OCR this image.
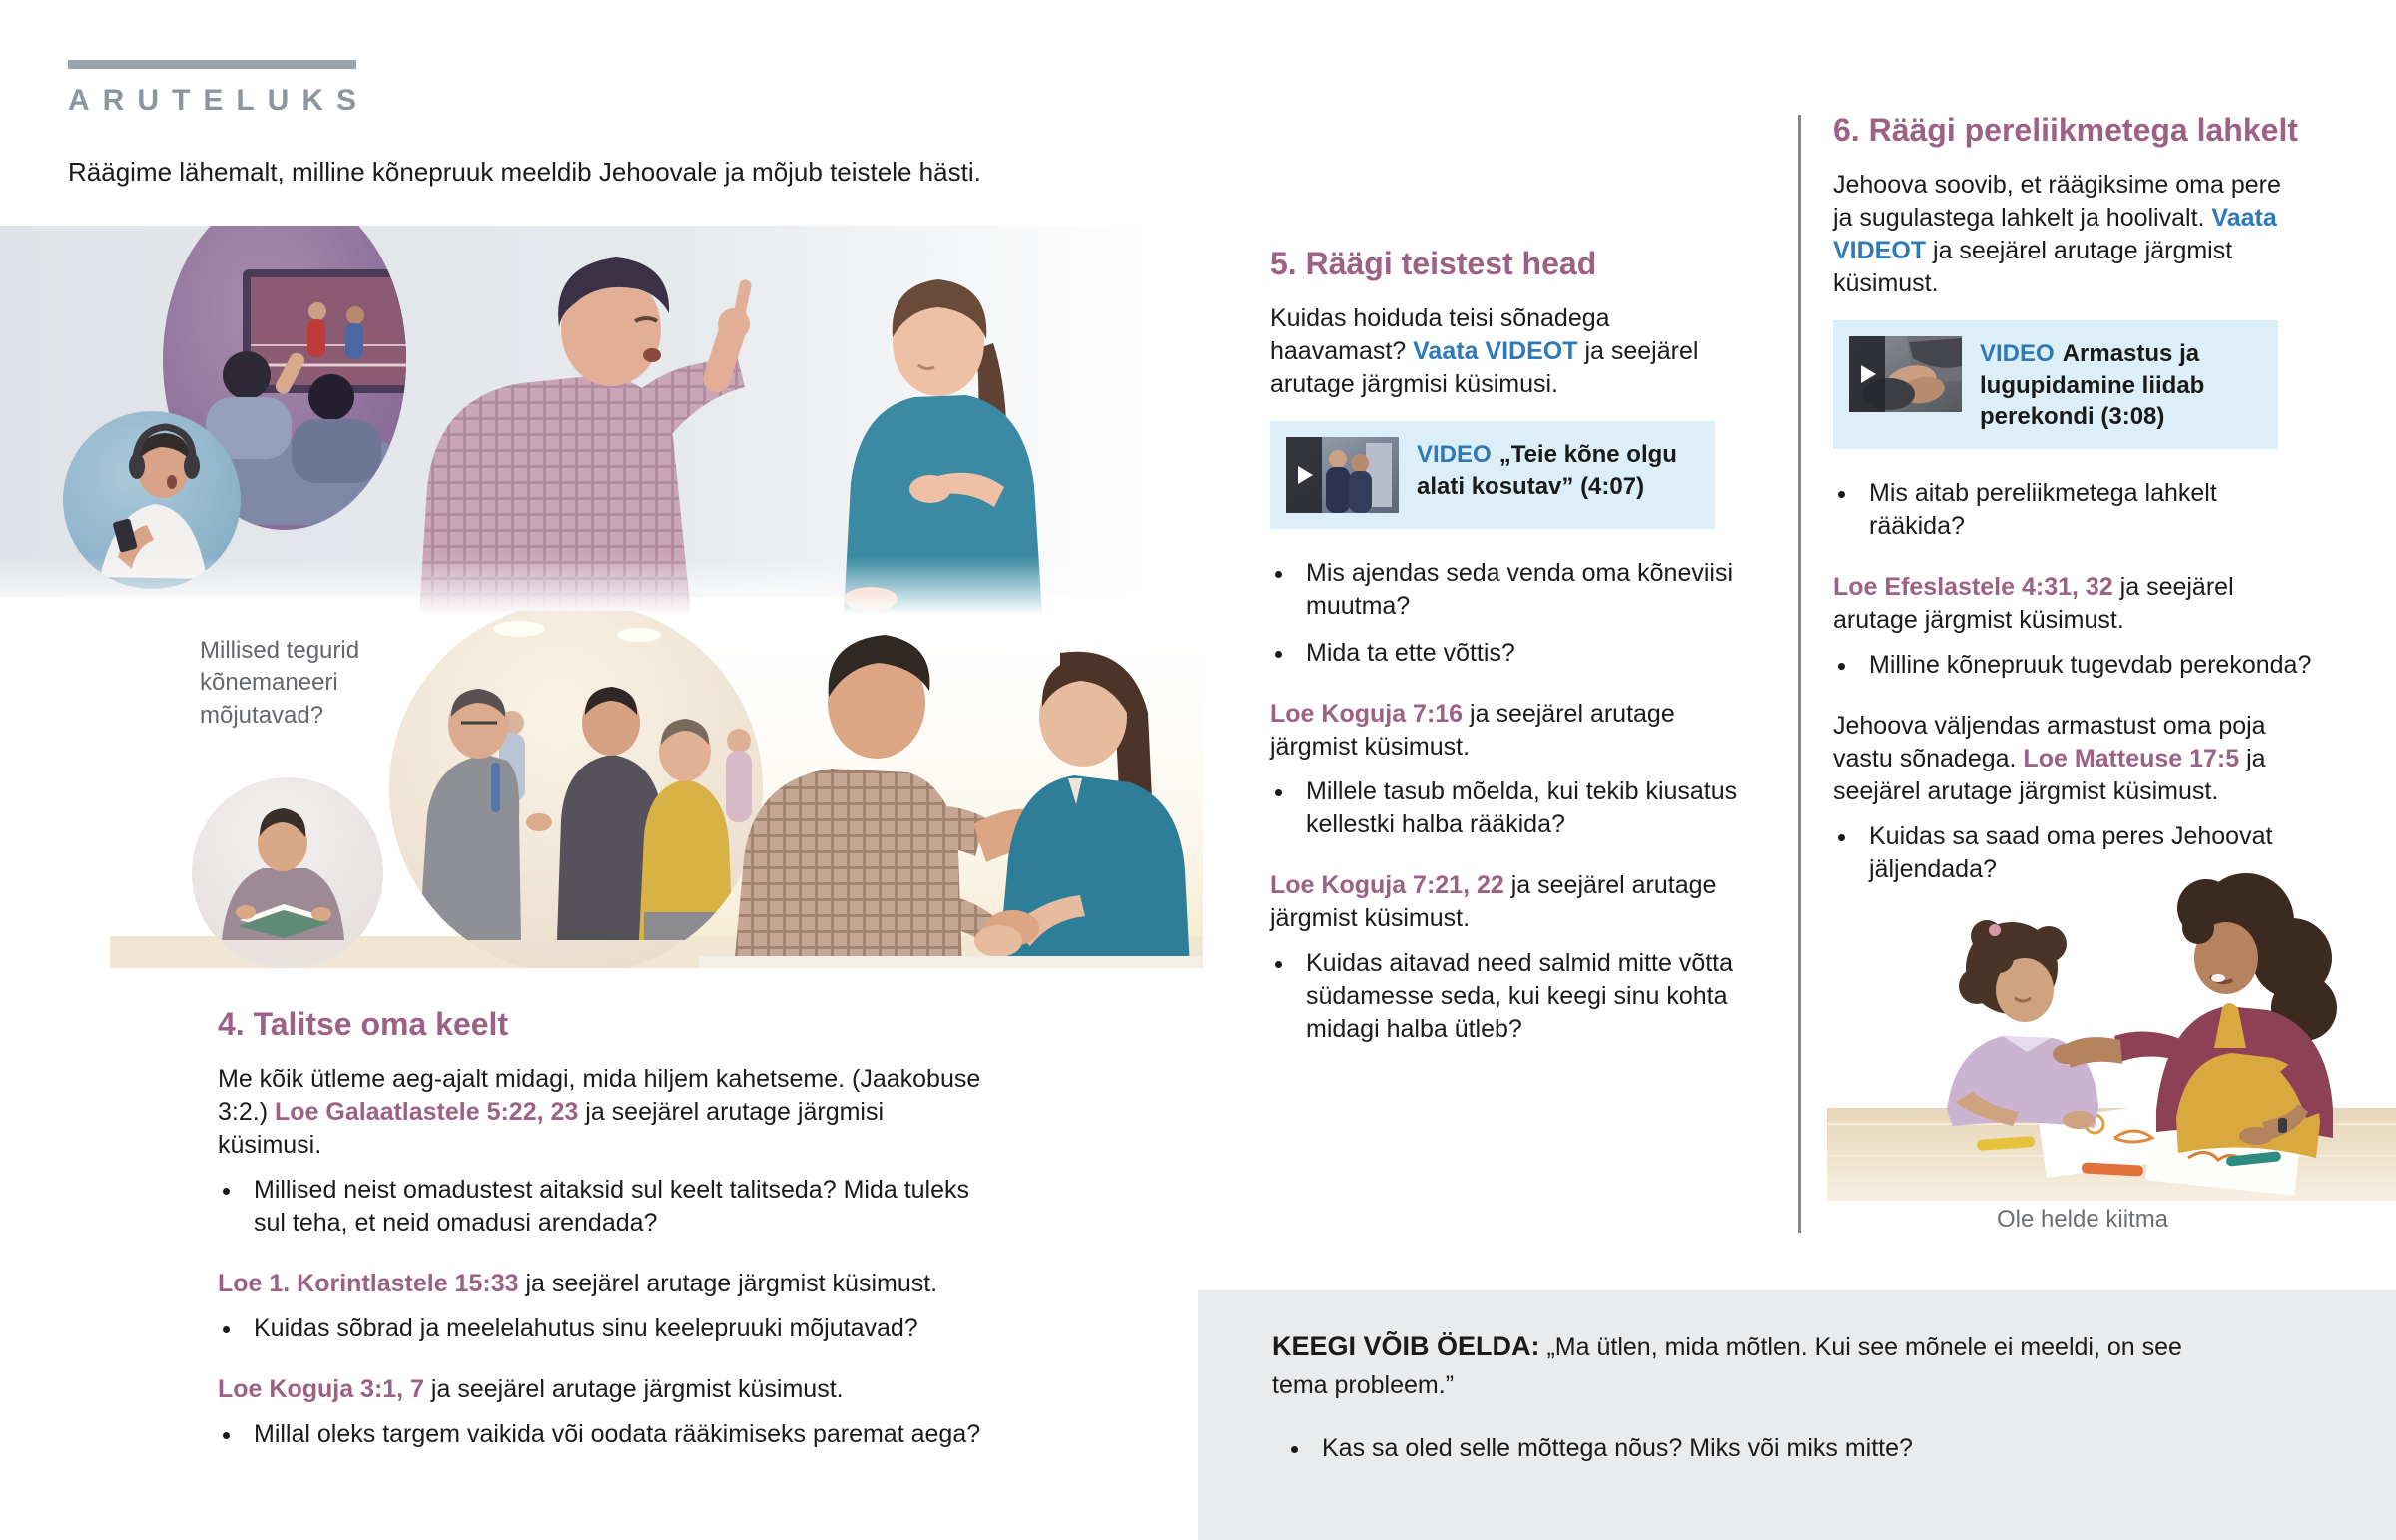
ARUTELUKS

Räägime lähemalt, milline kõnepruuk meeldib Jehoovale ja mõjub teistele hästi.

Millised tegurid kõnemaneeri mõjutavad?
4. Talitse oma keelt

Me kõik ütleme aeg-ajalt midagi, mida hiljem kahetseme. (Jaakobuse 3:2.) Loe Galaatlastele 5:22, 23 ja seejärel arutage järgmisi küsimusi.

• Millised neist omadustest aitaksid sul keelt talitseda? Mida tuleks sul teha, et neid omadusi arendada?

Loe 1. Korintlastele 15:33 ja seejärel arutage järgmist küsimust.

• Kuidas sõbrad ja meelelahutus sinu keelepruuki mõjutavad?

Loe Koguja 3:1, 7 ja seejärel arutage järgmist küsimust.

• Millal oleks targem vaikida või oodata rääkimiseks paremat aega?
5. Räägi teistest head

Kuidas hoiduda teisi sõnadega haavamast? Vaata VIDEOT ja seejärel arutage järgmisi küsimusi.

VIDEO „Teie kõne olgu alati kosutav” (4:07)

• Mis ajendas seda venda oma kõneviisi muutma?
• Mida ta ette võttis?

Loe Koguja 7:16 ja seejärel arutage järgmist küsimust.

• Millele tasub mõelda, kui tekib kiusatus kellestki halba rääkida?

Loe Koguja 7:21, 22 ja seejärel arutage järgmist küsimust.

• Kuidas aitavad need salmid mitte võtta südamesse seda, kui keegi sinu kohta midagi halba ütleb?
6. Räägi pereliikmetega lahkelt

Jehoova soovib, et räägiksime oma pere ja sugulastega lahkelt ja hoolivalt. Vaata VIDEOT ja seejärel arutage järgmist küsimust.

VIDEO Armastus ja lugupidamine liidab perekondi (3:08)

• Mis aitab pereliikmetega lahkelt rääkida?

Loe Efeslastele 4:31, 32 ja seejärel arutage järgmist küsimust.

• Milline kõnepruuk tugevdab perekonda?

Jehoova väljendas armastust oma poja vastu sõnadega. Loe Matteuse 17:5 ja seejärel arutage järgmist küsimust.

• Kuidas sa saad oma peres Jehoovat jäljendada?
Ole helde kiitma

KEEGI VÕIB ÖELDA: „Ma ütlen, mida mõtlen. Kui see mõnele ei meeldi, on see tema probleem.”

• Kas sa oled selle mõttega nõus? Miks või miks mitte?
